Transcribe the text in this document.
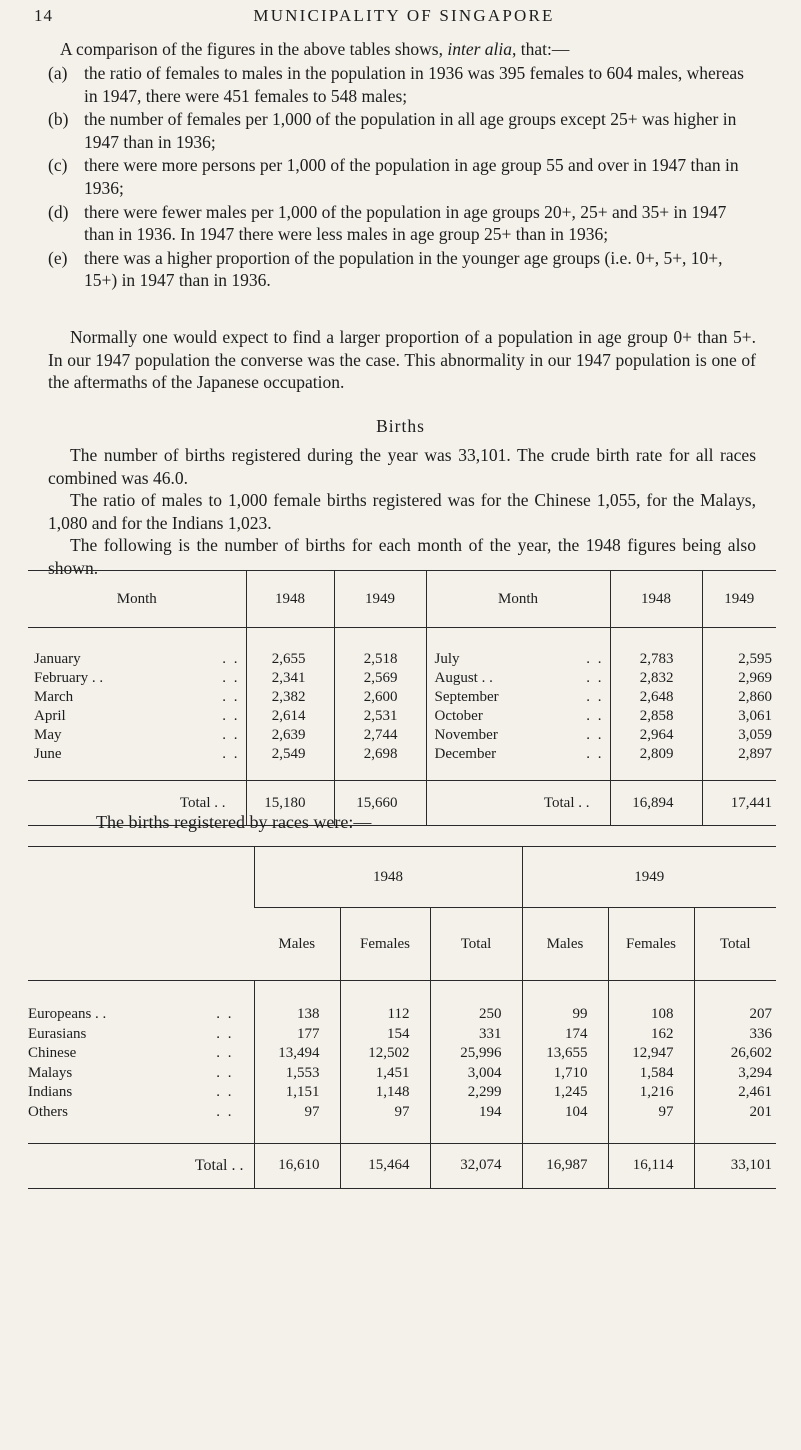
14	MUNICIPALITY OF SINGAPORE

A comparison of the figures in the above tables shows, inter alia, that:—

(a) the ratio of females to males in the population in 1936 was 395 females to 604 males, whereas in 1947, there were 451 females to 548 males;
(b) the number of females per 1,000 of the population in all age groups except 25+ was higher in 1947 than in 1936;
(c) there were more persons per 1,000 of the population in age group 55 and over in 1947 than in 1936;
(d) there were fewer males per 1,000 of the population in age groups 20+, 25+ and 35+ in 1947 than in 1936. In 1947 there were less males in age group 25+ than in 1936;
(e) there was a higher proportion of the population in the younger age groups (i.e. 0+, 5+, 10+, 15+) in 1947 than in 1936.

Normally one would expect to find a larger proportion of a population in age group 0+ than 5+. In our 1947 population the converse was the case. This abnormality in our 1947 population is one of the aftermaths of the Japanese occupation.

Births

The number of births registered during the year was 33,101. The crude birth rate for all races combined was 46.0.

The ratio of males to 1,000 female births registered was for the Chinese 1,055, for the Malays, 1,080 and for the Indians 1,023.

The following is the number of births for each month of the year, the 1948 figures being also shown.

Month	1948	1949	Month	1948	1949
January . .	2,655	2,518	July . .	2,783	2,595
February . . . .	2,341	2,569	August . . . .	2,832	2,969
March . .	2,382	2,600	September . .	2,648	2,860
April . .	2,614	2,531	October . .	2,858	3,061
May . .	2,639	2,744	November . .	2,964	3,059
June . .	2,549	2,698	December . .	2,809	2,897
Total . .	15,180	15,660	Total . .	16,894	17,441
The births registered by races were:—
	1948			1949		
	Males	Females	Total	Males	Females	Total
Europeans . . . .	138	112	250	99	108	207
Eurasians . .	177	154	331	174	162	336
Chinese . .	13,494	12,502	25,996	13,655	12,947	26,602
Malays . .	1,553	1,451	3,004	1,710	1,584	3,294
Indians . .	1,151	1,148	2,299	1,245	1,216	2,461
Others . .	97	97	194	104	97	201
Total . .	16,610	15,464	32,074	16,987	16,114	33,101
